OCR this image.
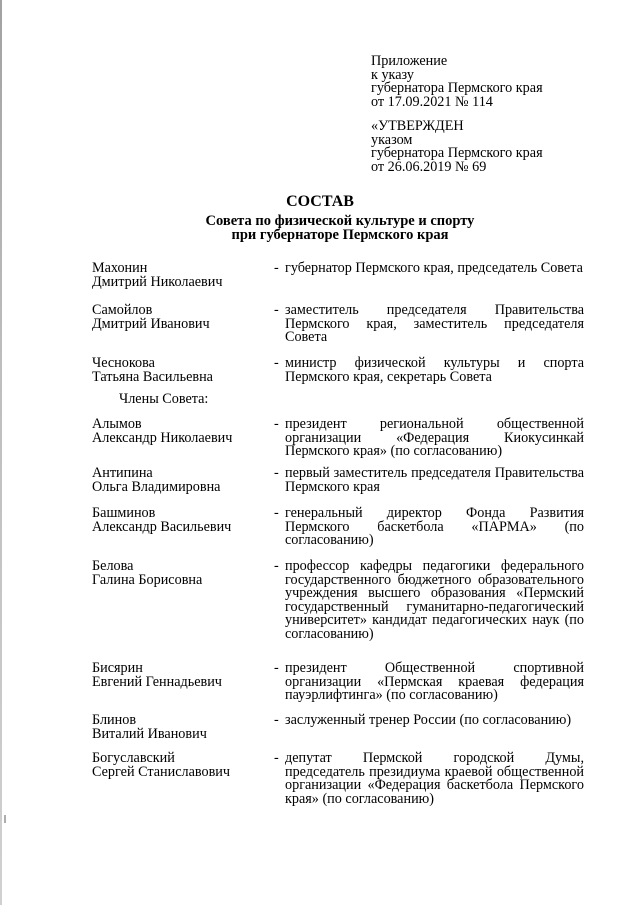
Приложение
к указу
губернатора Пермского края
от 17.09.2021 № 114
«УТВЕРЖДЕН
указом
губернатора Пермского края
от 26.06.2019 № 69
СОСТАВ
Совета по физической культуре и спорту
при губернаторе Пермского края
Махонин
Дмитрий Николаевич
- губернатор Пермского края, председатель Совета
Самойлов
Дмитрий Иванович
- заместитель председателя Правительства Пермского края, заместитель председателя Совета
Чеснокова
Татьяна Васильевна
- министр физической культуры и спорта Пермского края, секретарь Совета
Члены Совета:
Алымов
Александр Николаевич
- президент региональной общественной организации «Федерация Киокусинкай Пермского края» (по согласованию)
Антипина
Ольга Владимировна
- первый заместитель председателя Правительства Пермского края
Башминов
Александр Васильевич
- генеральный директор Фонда Развития Пермского баскетбола «ПАРМА» (по согласованию)
Белова
Галина Борисовна
- профессор кафедры педагогики федерального государственного бюджетного образовательного учреждения высшего образования «Пермский государственный гуманитарно-педагогический университет» кандидат педагогических наук (по согласованию)
Бисярин
Евгений Геннадьевич
- президент Общественной спортивной организации «Пермская краевая федерация пауэрлифтинга» (по согласованию)
Блинов
Виталий Иванович
- заслуженный тренер России (по согласованию)
Богуславский
Сергей Станиславович
- депутат Пермской городской Думы, председатель президиума краевой общественной организации «Федерация баскетбола Пермского края» (по согласованию)
